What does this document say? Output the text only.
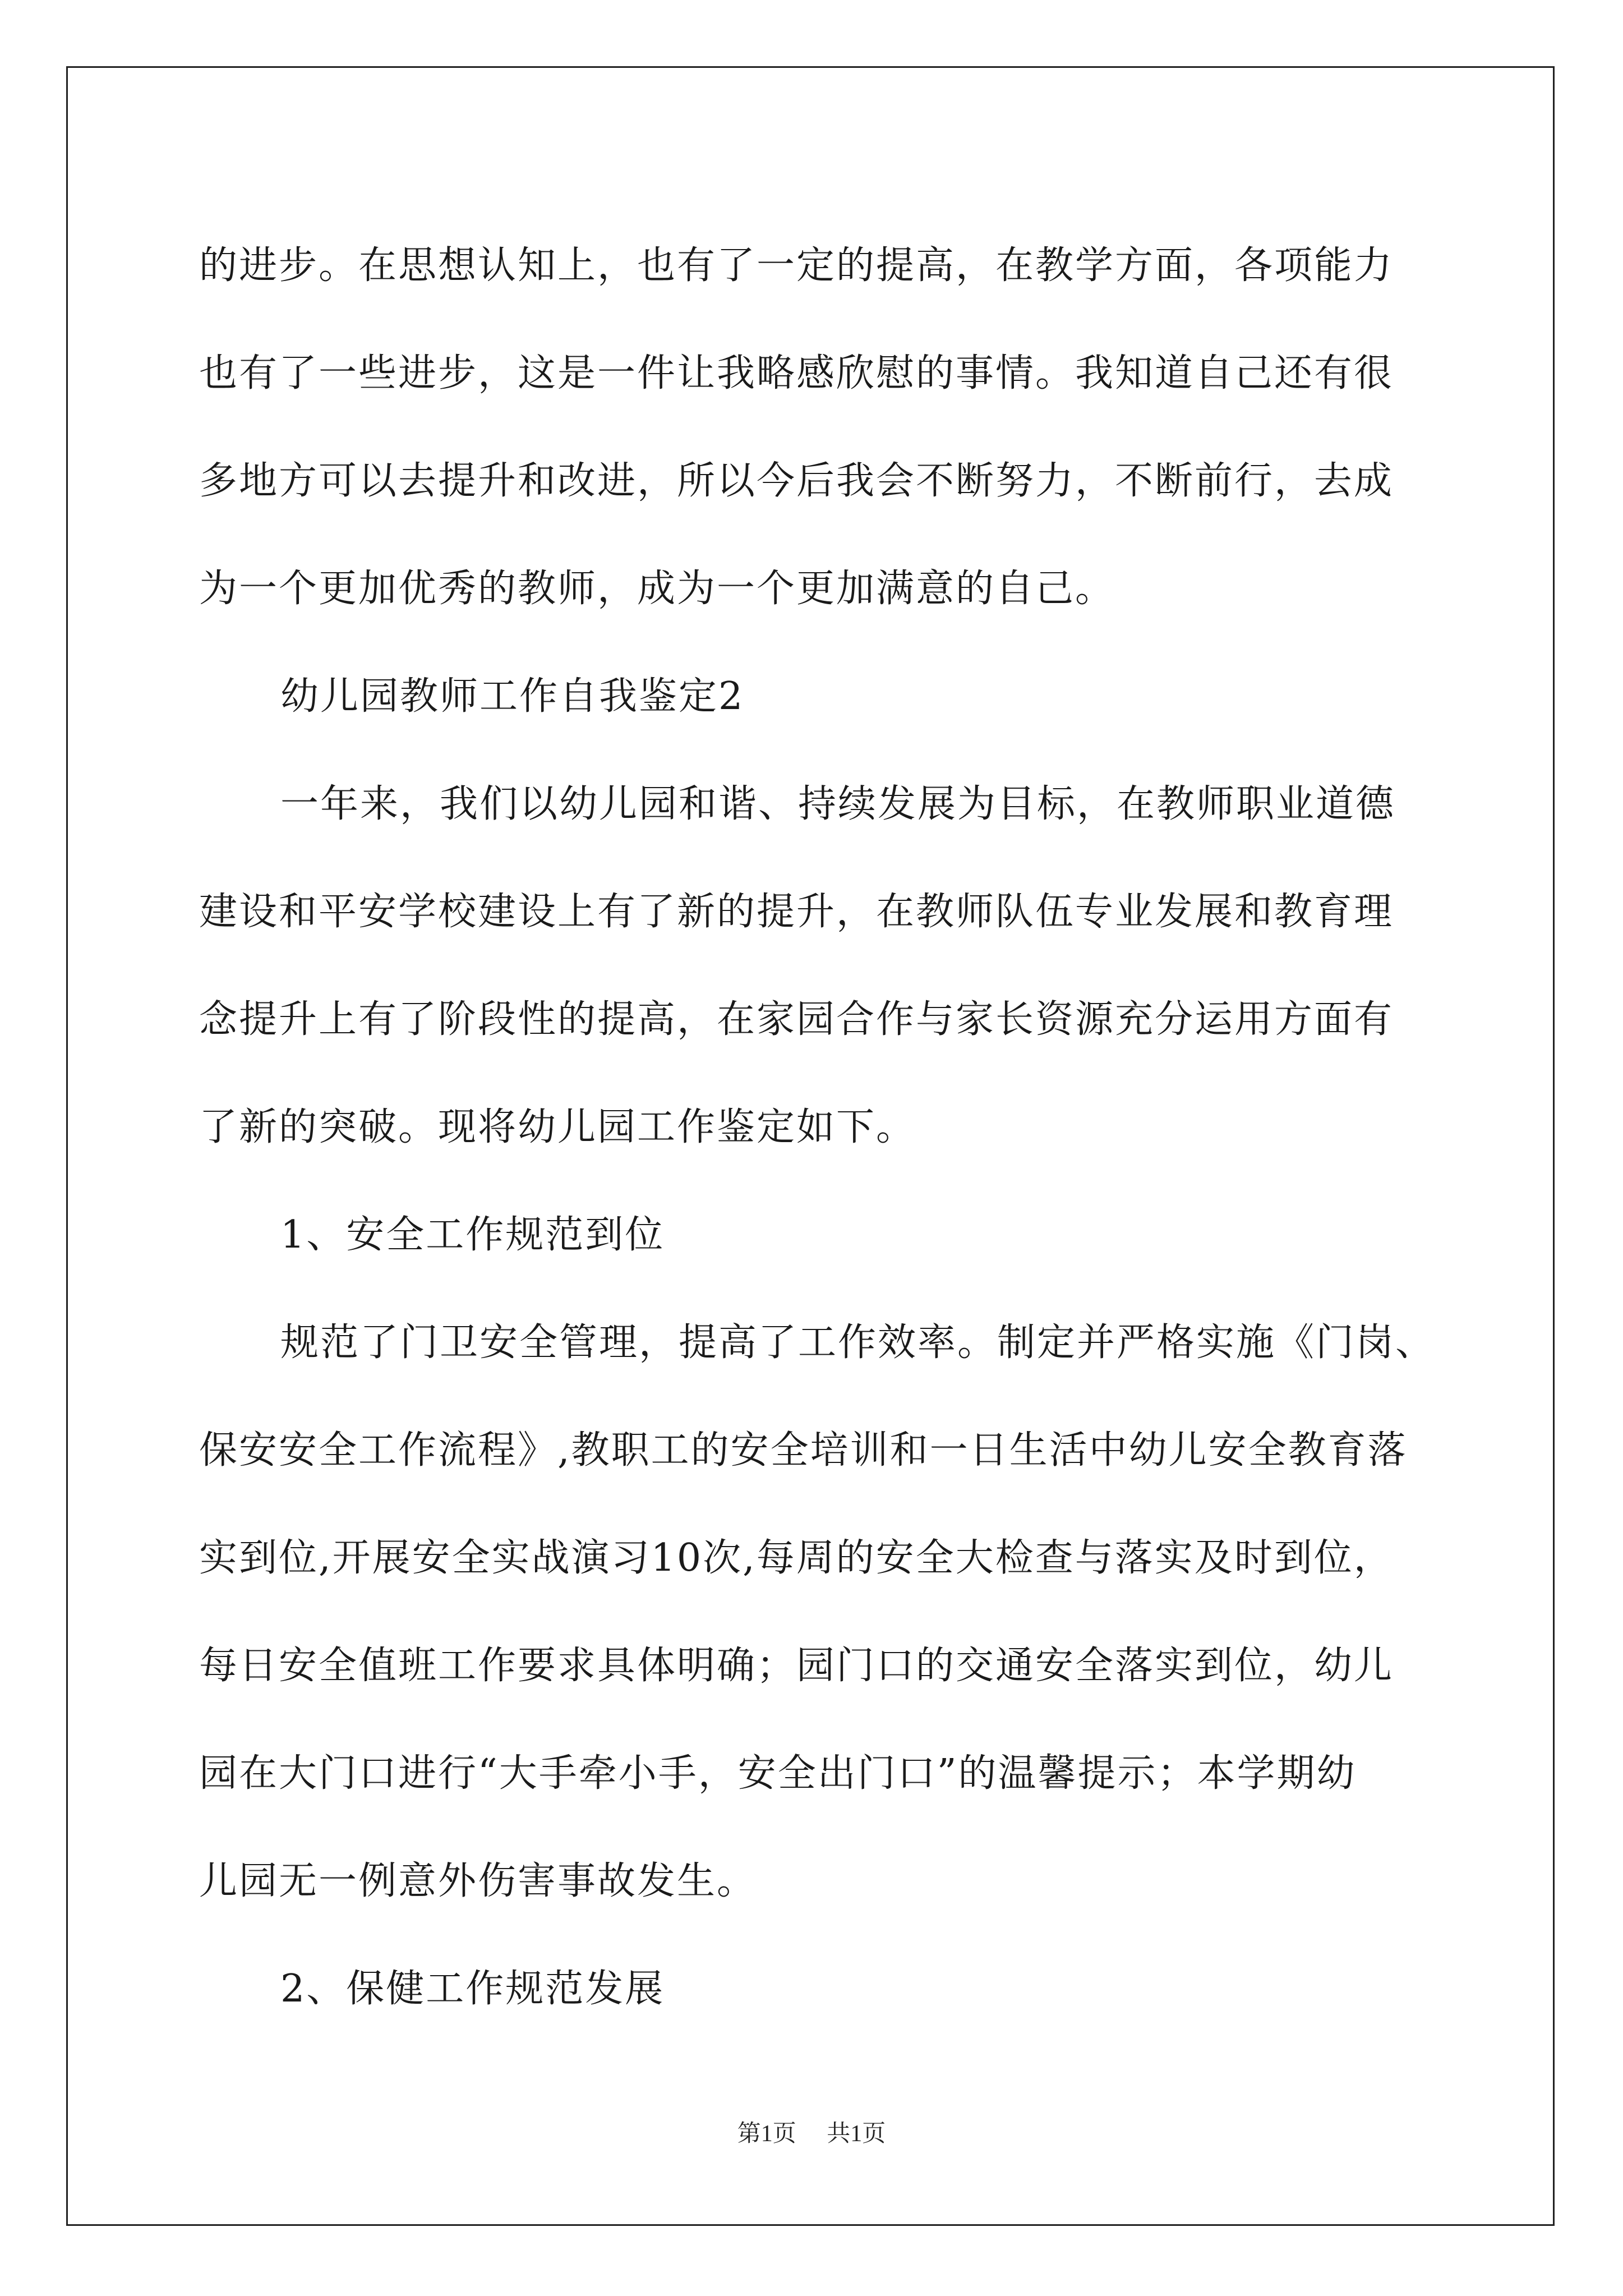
的进步。在思想认知上，也有了一定的提高，在教学方面，各项能力
也有了一些进步，这是一件让我略感欣慰的事情。我知道自己还有很
多地方可以去提升和改进，所以今后我会不断努力，不断前行，去成
为一个更加优秀的教师，成为一个更加满意的自己。
幼儿园教师工作自我鉴定2
一年来，我们以幼儿园和谐、持续发展为目标，在教师职业道德
建设和平安学校建设上有了新的提升，在教师队伍专业发展和教育理
念提升上有了阶段性的提高，在家园合作与家长资源充分运用方面有
了新的突破。现将幼儿园工作鉴定如下。
1、安全工作规范到位
规范了门卫安全管理，提高了工作效率。制定并严格实施《门岗、
保安安全工作流程》,教职工的安全培训和一日生活中幼儿安全教育落
实到位,开展安全实战演习10次,每周的安全大检查与落实及时到位，
每日安全值班工作要求具体明确；园门口的交通安全落实到位，幼儿
园在大门口进行“大手牵小手，安全出门口”的温馨提示；本学期幼
儿园无一例意外伤害事故发生。
2、保健工作规范发展
第1页 共1页
